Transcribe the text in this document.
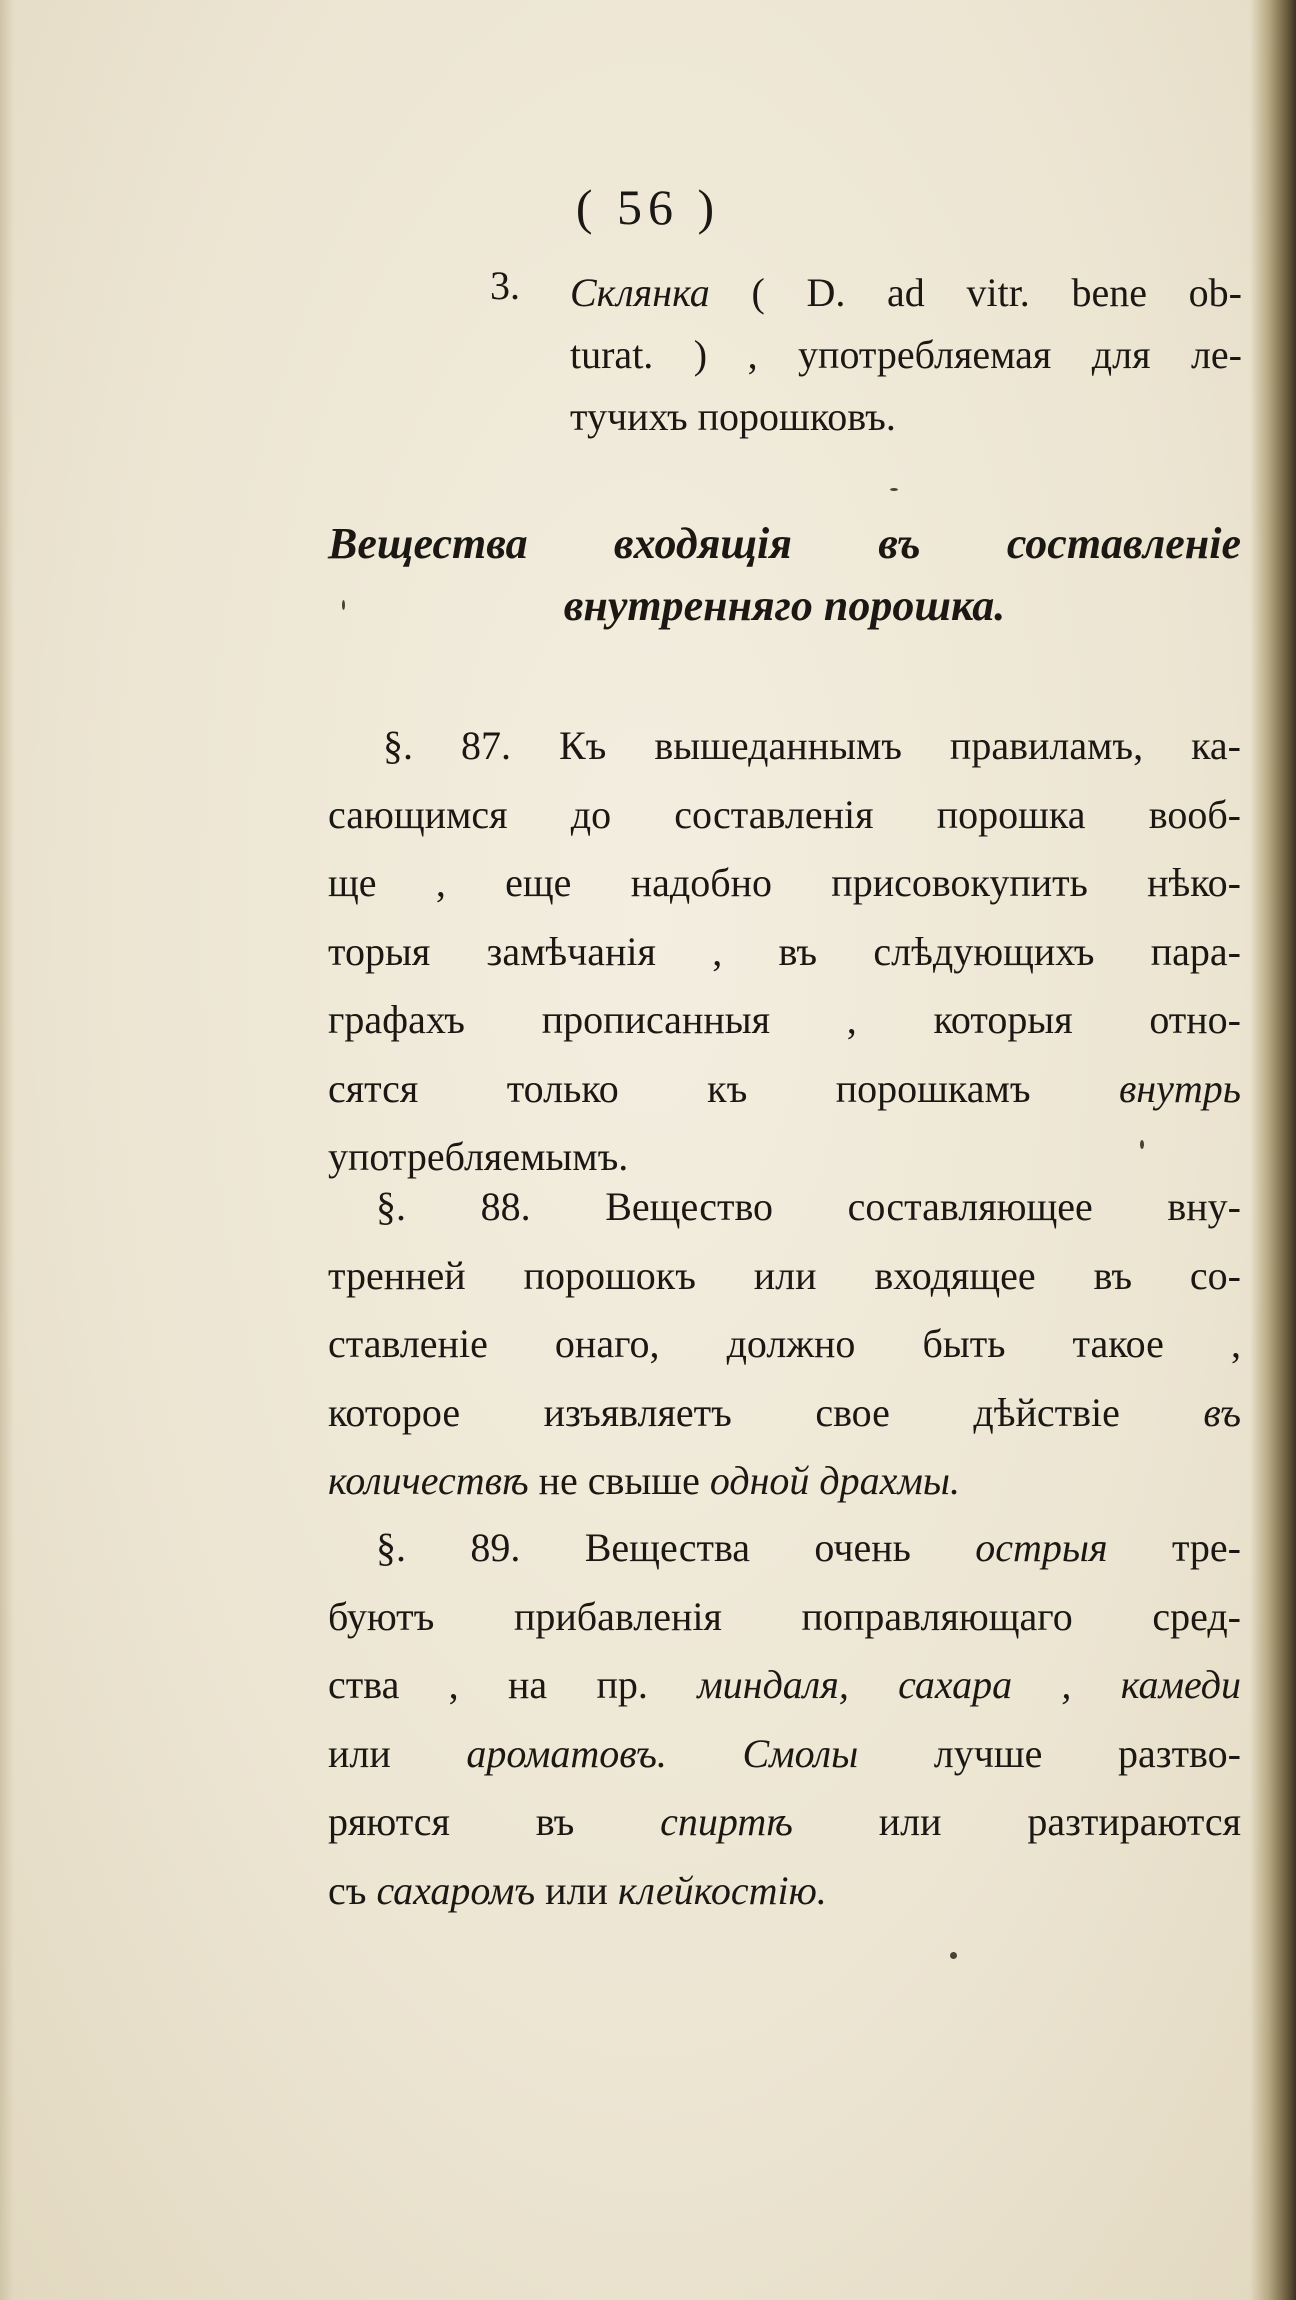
( 56 )
3. Склянка ( D. ad vitr. bene ob-
turat. ) , употребляемая для ле-
тучихъ порошковъ.
Вещества входящія въ составленіе
внутренняго порошка.
§. 87. Къ вышеданнымъ правиламъ, ка-
сающимся до составленія порошка вооб-
ще , еще надобно присовокупить нѣко-
торыя замѣчанія , въ слѣдующихъ пара-
графахъ прописанныя , которыя отно-
сятся только къ порошкамъ внутрь
употребляемымъ.
§. 88. Вещество составляющее вну-
тренней порошокъ или входящее въ со-
ставленіе онаго, должно быть такое ,
которое изъявляетъ свое дѣйствіе въ
количествѣ не свыше одной драхмы.
§. 89. Вещества очень острыя тре-
буютъ прибавленія поправляющаго сред-
ства , на пр. миндаля, сахара , камеди
или ароматовъ. Смолы лучше разтво-
ряются въ спиртѣ или разтираются
съ сахаромъ или клейкостію.
